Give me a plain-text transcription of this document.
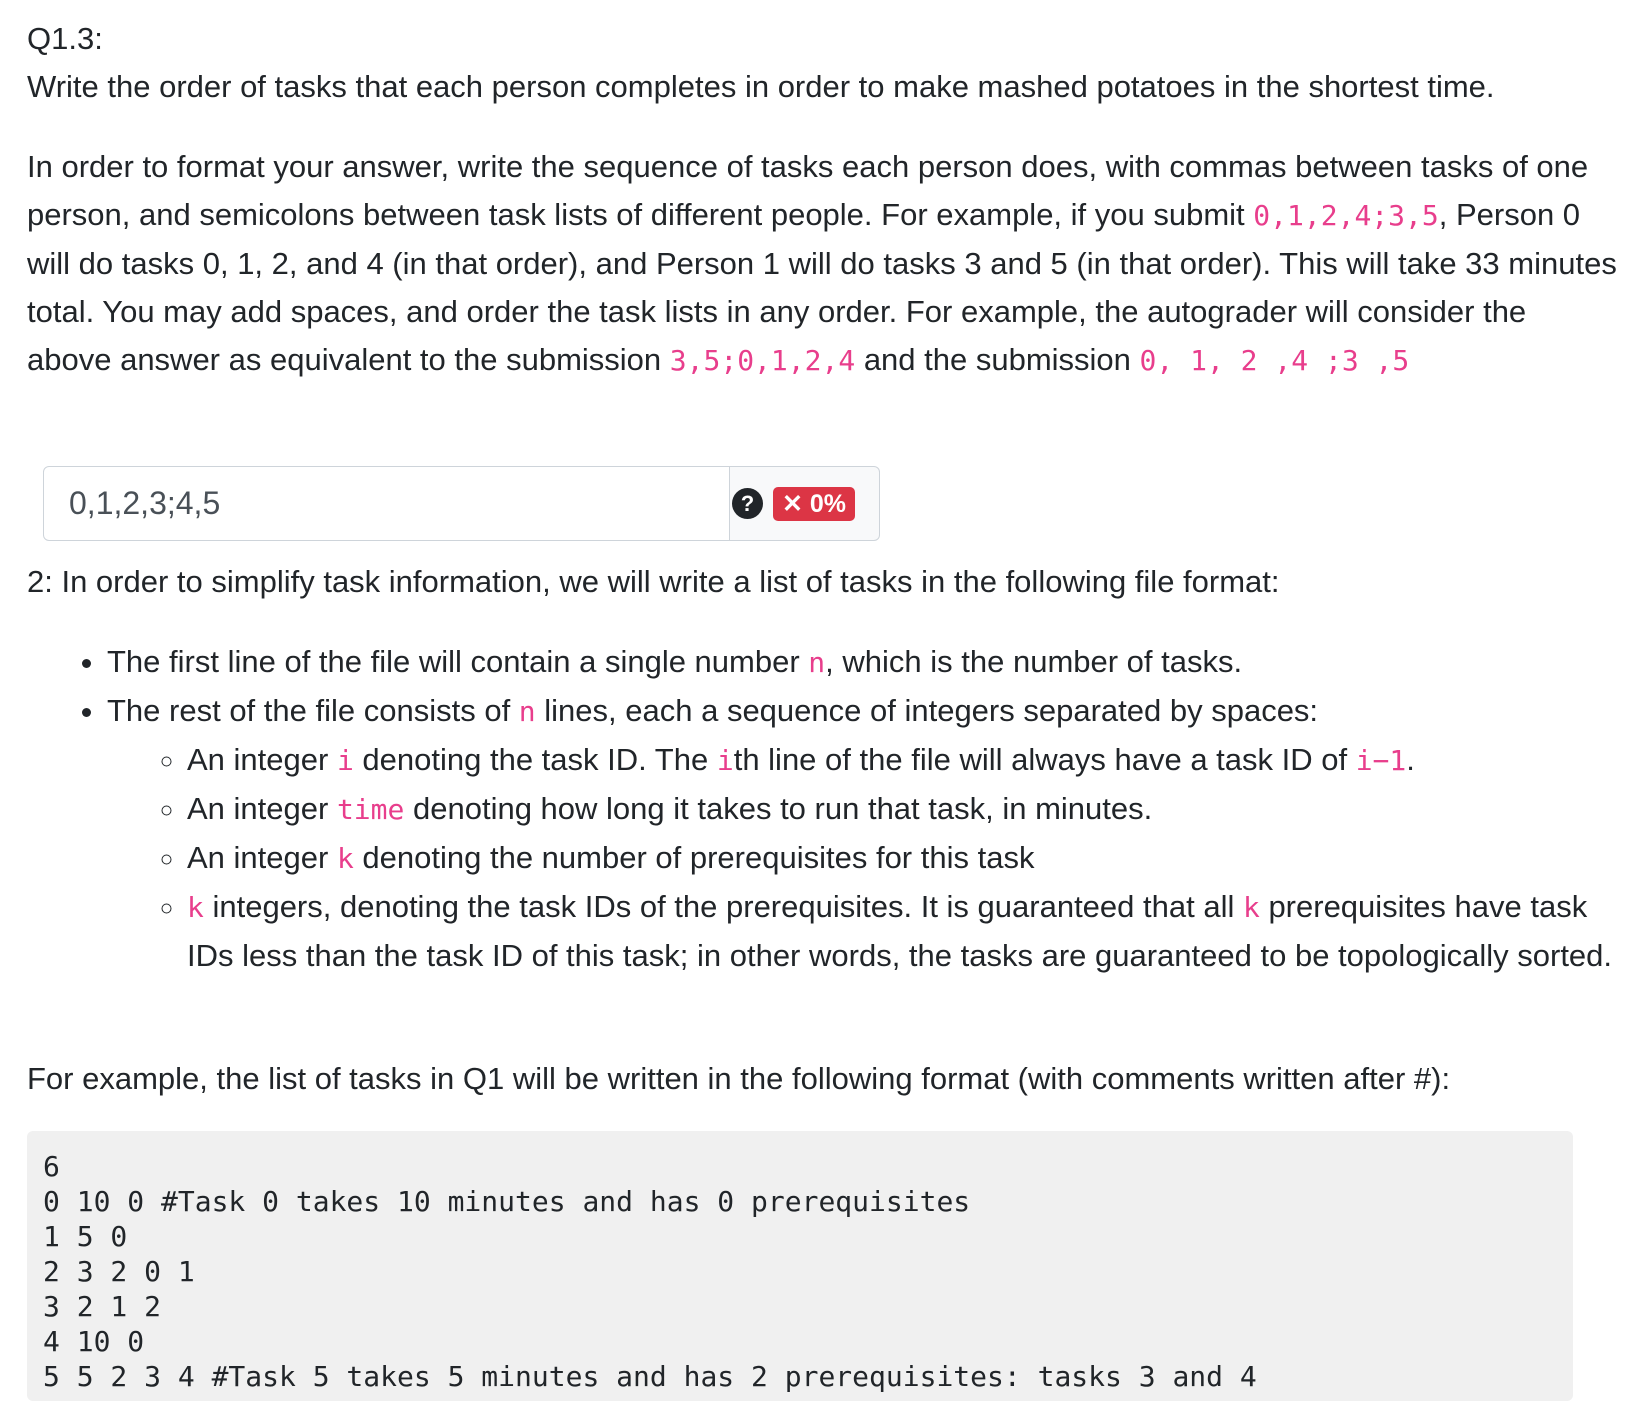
Q1.3:

Write the order of tasks that each person completes in order to make mashed potatoes in the shortest time.

In order to format your answer, write the sequence of tasks each person does, with commas between tasks of one person, and semicolons between task lists of different people. For example, if you submit 0,1,2,4;3,5, Person 0 will do tasks 0, 1, 2, and 4 (in that order), and Person 1 will do tasks 3 and 5 (in that order). This will take 33 minutes total. You may add spaces, and order the task lists in any order. For example, the autograder will consider the above answer as equivalent to the submission 3,5;0,1,2,4 and the submission 0, 1, 2 ,4 ;3 ,5

0,1,2,3;4,5
?	✕ 0%

2: In order to simplify task information, we will write a list of tasks in the following file format:

• The first line of the file will contain a single number n, which is the number of tasks.
• The rest of the file consists of n lines, each a sequence of integers separated by spaces:
◦ An integer i denoting the task ID. The ith line of the file will always have a task ID of i−1.
◦ An integer time denoting how long it takes to run that task, in minutes.
◦ An integer k denoting the number of prerequisites for this task
◦ k integers, denoting the task IDs of the prerequisites. It is guaranteed that all k prerequisites have task IDs less than the task ID of this task; in other words, the tasks are guaranteed to be topologically sorted.

For example, the list of tasks in Q1 will be written in the following format (with comments written after #):

6
0 10 0 #Task 0 takes 10 minutes and has 0 prerequisites
1 5 0
2 3 2 0 1
3 2 1 2
4 10 0
5 5 2 3 4 #Task 5 takes 5 minutes and has 2 prerequisites: tasks 3 and 4
